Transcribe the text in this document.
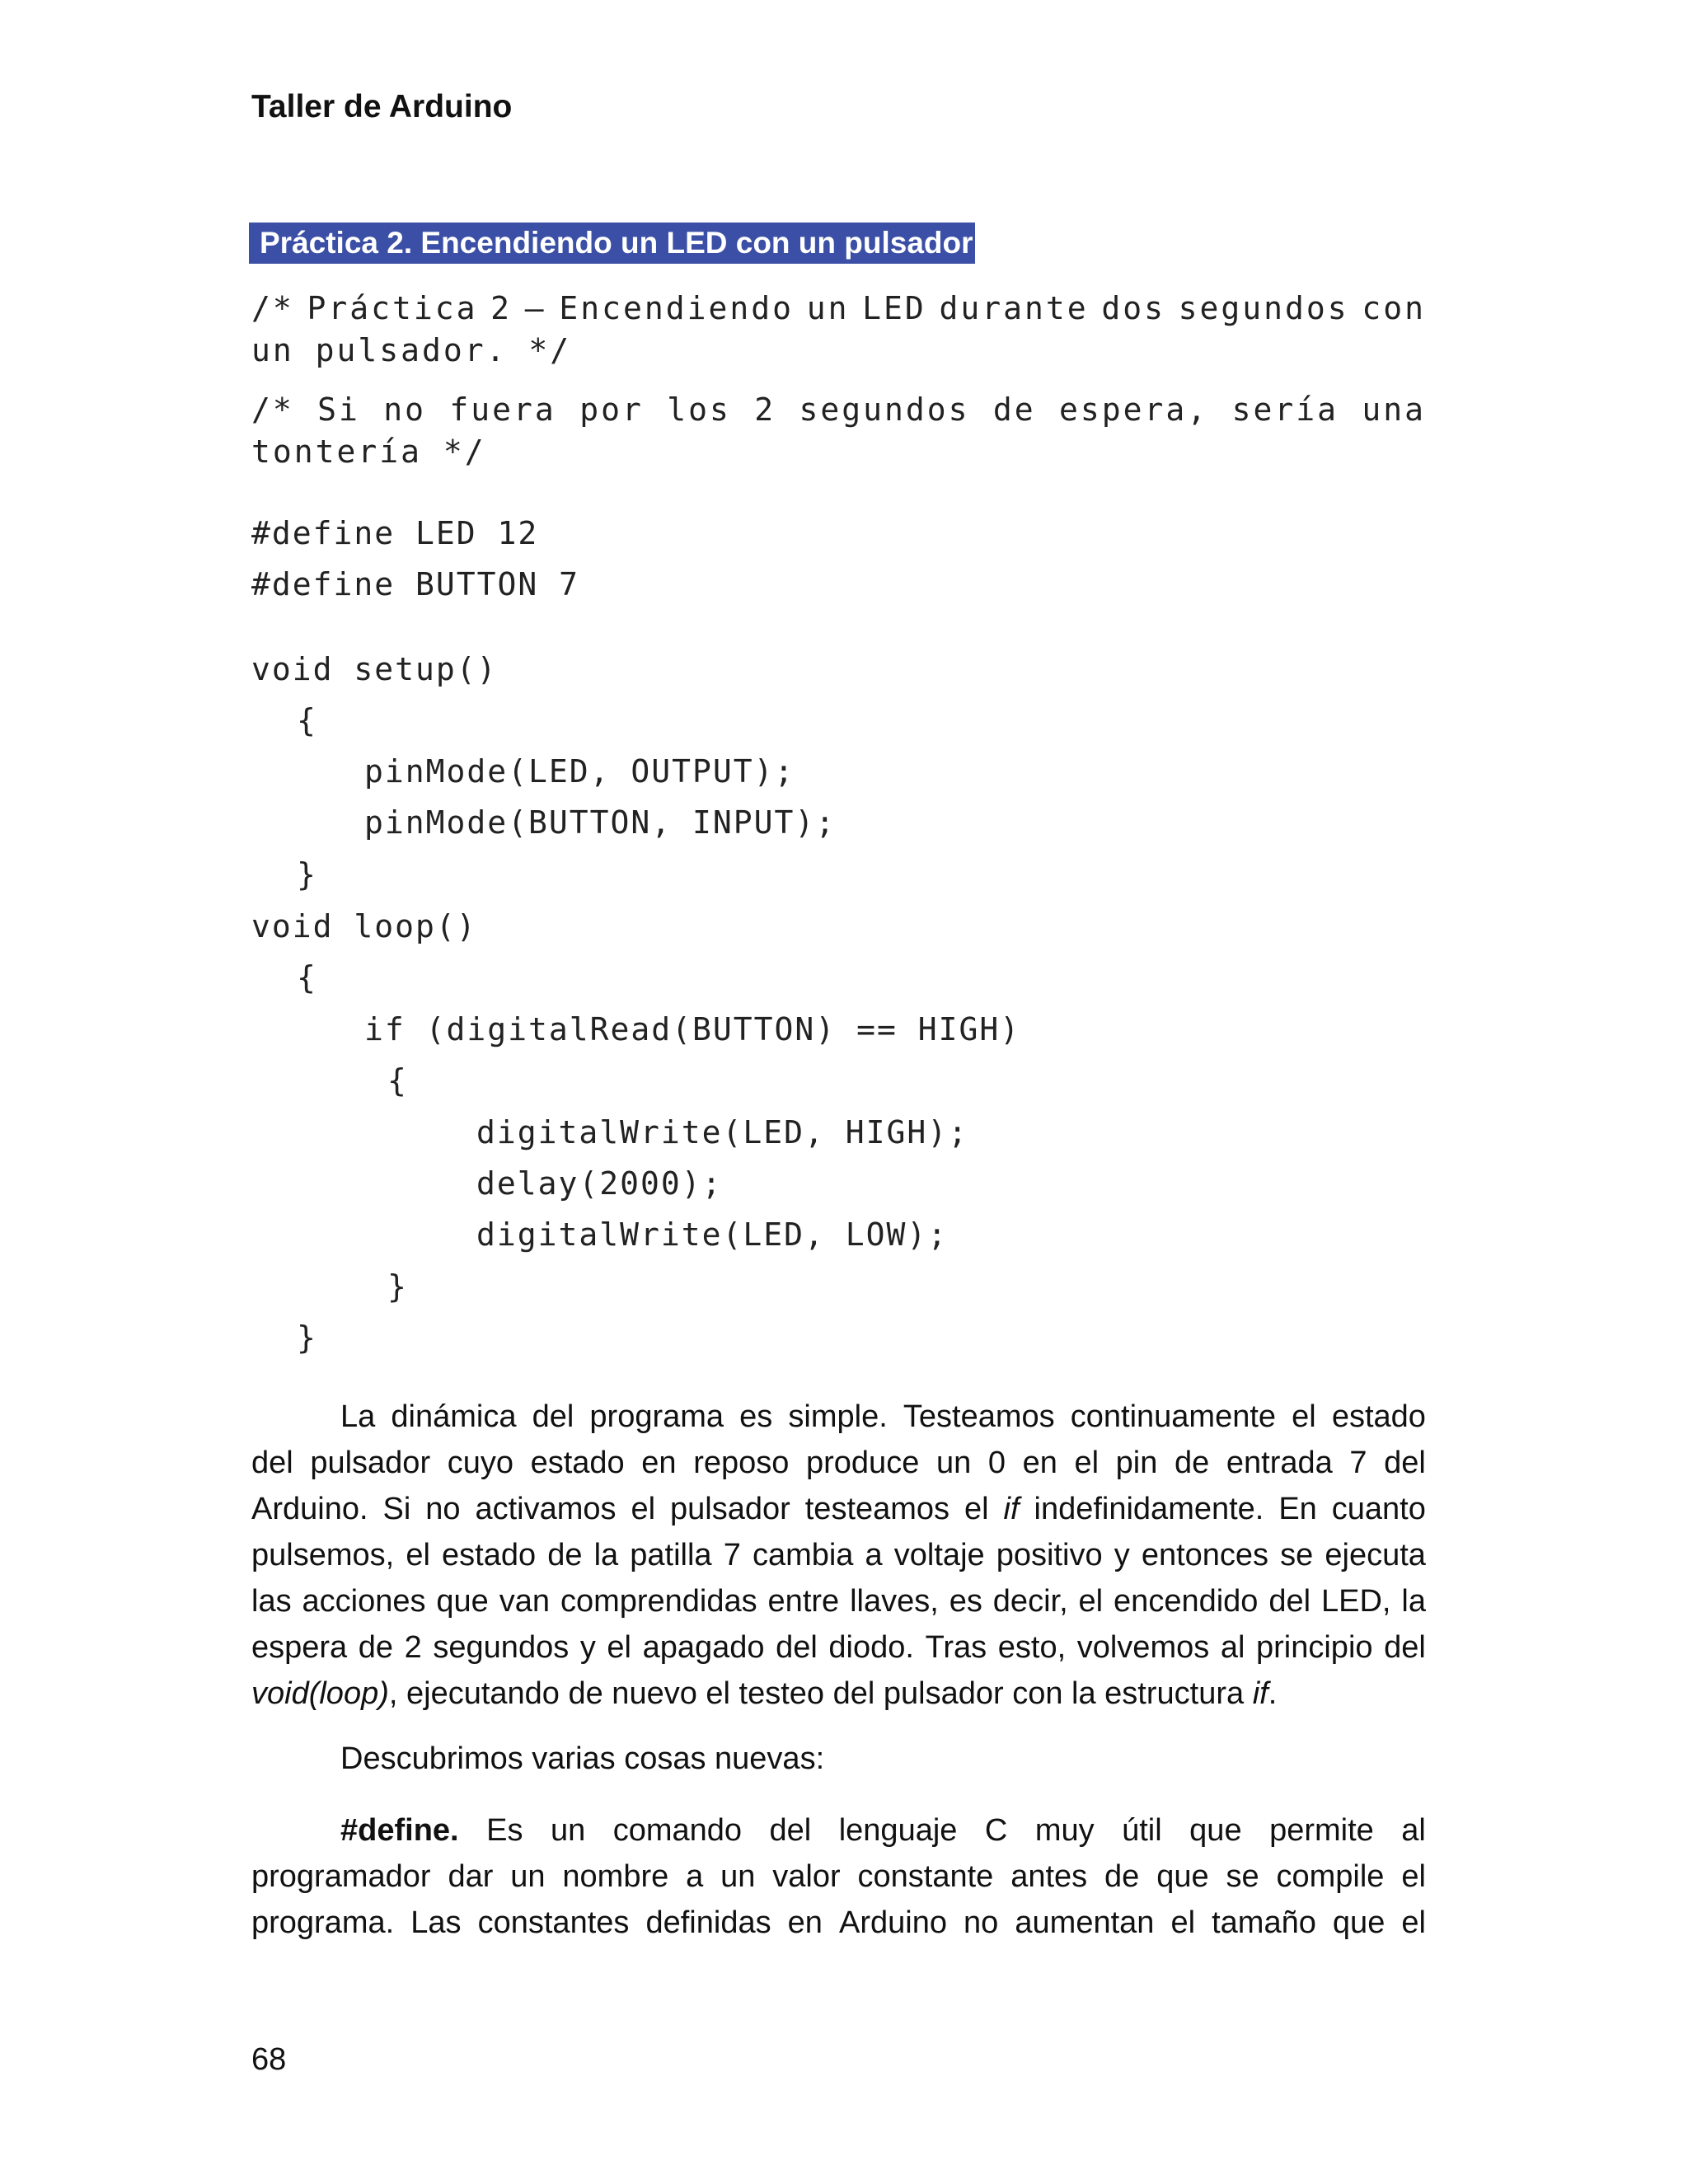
Taller de Arduino
Práctica 2. Encendiendo un LED con un pulsador
/* Práctica 2 – Encendiendo un LED durante dos segundos con
un pulsador. */
/* Si no fuera por los 2 segundos de espera, sería una
tontería */
#define LED 12
#define BUTTON 7
void setup()
{
pinMode(LED, OUTPUT);
pinMode(BUTTON, INPUT);
}
void loop()
{
if (digitalRead(BUTTON) == HIGH)
{
digitalWrite(LED, HIGH);
delay(2000);
digitalWrite(LED, LOW);
}
}
La dinámica del programa es simple. Testeamos continuamente el estado
del pulsador cuyo estado en reposo produce un 0 en el pin de entrada 7 del
Arduino. Si no activamos el pulsador testeamos el if indefinidamente. En cuanto
pulsemos, el estado de la patilla 7 cambia a voltaje positivo y entonces se ejecuta
las acciones que van comprendidas entre llaves, es decir, el encendido del LED, la
espera de 2 segundos y el apagado del diodo. Tras esto, volvemos al principio del
void(loop), ejecutando de nuevo el testeo del pulsador con la estructura if.
Descubrimos varias cosas nuevas:
#define. Es un comando del lenguaje C muy útil que permite al
programador dar un nombre a un valor constante antes de que se compile el
programa. Las constantes definidas en Arduino no aumentan el tamaño que el
68
